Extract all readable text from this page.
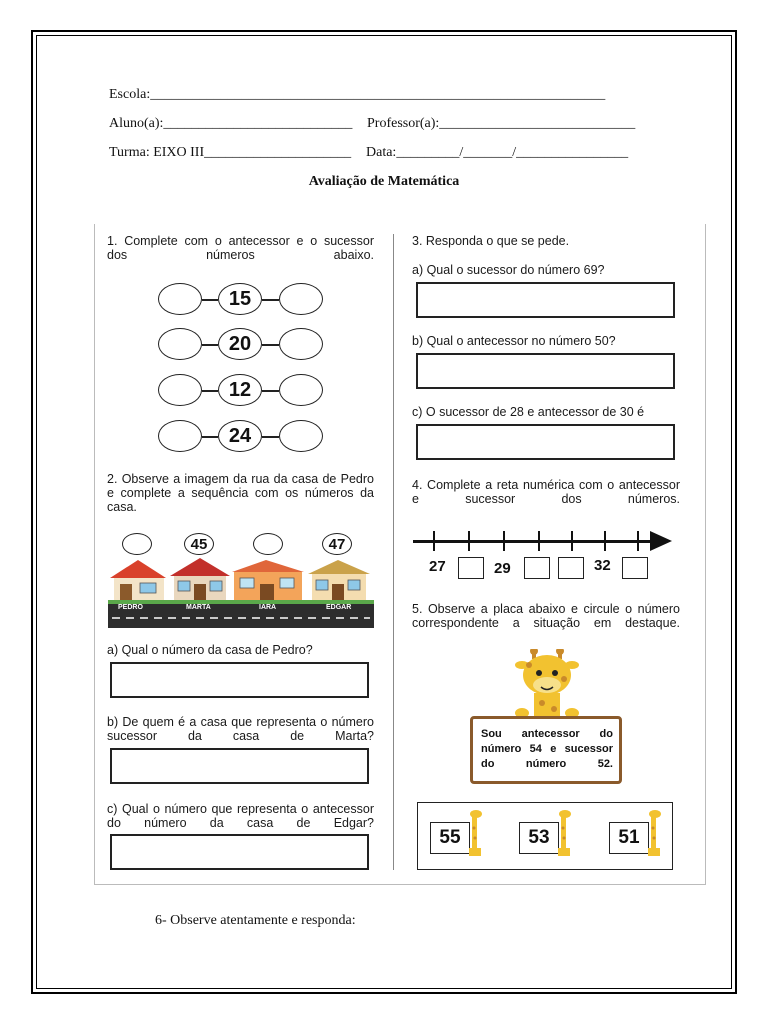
Escola:_________________________________________________________________
Aluno(a):___________________________ Professor(a):____________________________
Turma: EIXO III_____________________ Data:_________/_______/________________
Avaliação de Matemática
1. Complete com o antecessor e o sucessor dos números abaixo.
15
20
12
24
2. Observe a imagem da rua da casa de Pedro e complete a sequência com os números da casa.
45	47
PEDRO	MARTA	IARA	EDGAR
a) Qual o número da casa de Pedro?
b) De quem é a casa que representa o número sucessor da casa de Marta?
c) Qual o número que representa o antecessor do número da casa de Edgar?
3. Responda o que se pede.
a) Qual o sucessor do número 69?
b) Qual o antecessor no número 50?
c) O sucessor de 28 e antecessor de 30 é
4. Complete a reta numérica com o antecessor e sucessor dos números.
27	29	32
5. Observe a placa abaixo e circule o número correspondente a situação em destaque.
Sou antecessor do número 54 e sucessor do número 52.
55	53	51
6- Observe atentamente e responda:
